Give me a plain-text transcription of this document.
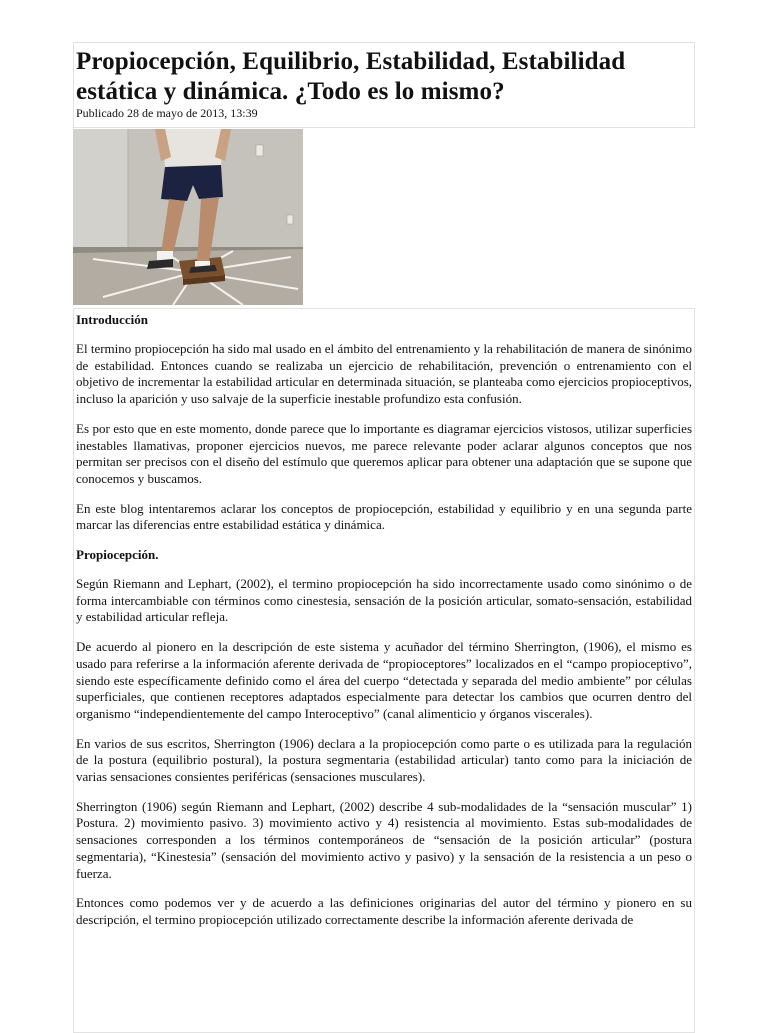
Propiocepción, Equilibrio, Estabilidad, Estabilidad estática y dinámica. ¿Todo es lo mismo?

Publicado 28 de mayo de 2013, 13:39

Introducción

El termino propiocepción ha sido mal usado en el ámbito del entrenamiento y la rehabilitación de manera de sinónimo de estabilidad. Entonces cuando se realizaba un ejercicio de rehabilitación, prevención o entrenamiento con el objetivo de incrementar la estabilidad articular en determinada situación, se planteaba como ejercicios propioceptivos, incluso la aparición y uso salvaje de la superficie inestable profundizo esta confusión.

Es por esto que en este momento, donde parece que lo importante es diagramar ejercicios vistosos, utilizar superficies inestables llamativas, proponer ejercicios nuevos, me parece relevante poder aclarar algunos conceptos que nos permitan ser precisos con el diseño del estímulo que queremos aplicar para obtener una adaptación que se supone que conocemos y buscamos.

En este blog intentaremos aclarar los conceptos de propiocepción, estabilidad y equilibrio y en una segunda parte marcar las diferencias entre estabilidad estática y dinámica.

Propiocepción.

Según Riemann and Lephart, (2002), el termino propiocepción ha sido incorrectamente usado como sinónimo o de forma intercambiable con términos como cinestesia, sensación de la posición articular, somato-sensación, estabilidad y estabilidad articular refleja.

De acuerdo al pionero en la descripción de este sistema y acuñador del término Sherrington, (1906), el mismo es usado para referirse a la información aferente derivada de “propioceptores” localizados en el “campo propioceptivo”, siendo este específicamente definido como el área del cuerpo “detectada y separada del medio ambiente” por células superficiales, que contienen receptores adaptados especialmente para detectar los cambios que ocurren dentro del organismo “independientemente del campo Interoceptivo” (canal alimenticio y órganos viscerales).

En varios de sus escritos, Sherrington (1906) declara a la propiocepción como parte o es utilizada para la regulación de la postura (equilibrio postural), la postura segmentaria (estabilidad articular) tanto como para la iniciación de varias sensaciones consientes periféricas (sensaciones musculares).

Sherrington (1906) según Riemann and Lephart, (2002) describe 4 sub-modalidades de la “sensación muscular” 1) Postura. 2) movimiento pasivo. 3) movimiento activo y 4) resistencia al movimiento. Estas sub-modalidades de sensaciones corresponden a los términos contemporáneos de “sensación de la posición articular” (postura segmentaria), “Kinestesia” (sensación del movimiento activo y pasivo) y la sensación de la resistencia a un peso o fuerza.

Entonces como podemos ver y de acuerdo a las definiciones originarias del autor del término y pionero en su descripción, el termino propiocepción utilizado correctamente describe la información aferente derivada de
